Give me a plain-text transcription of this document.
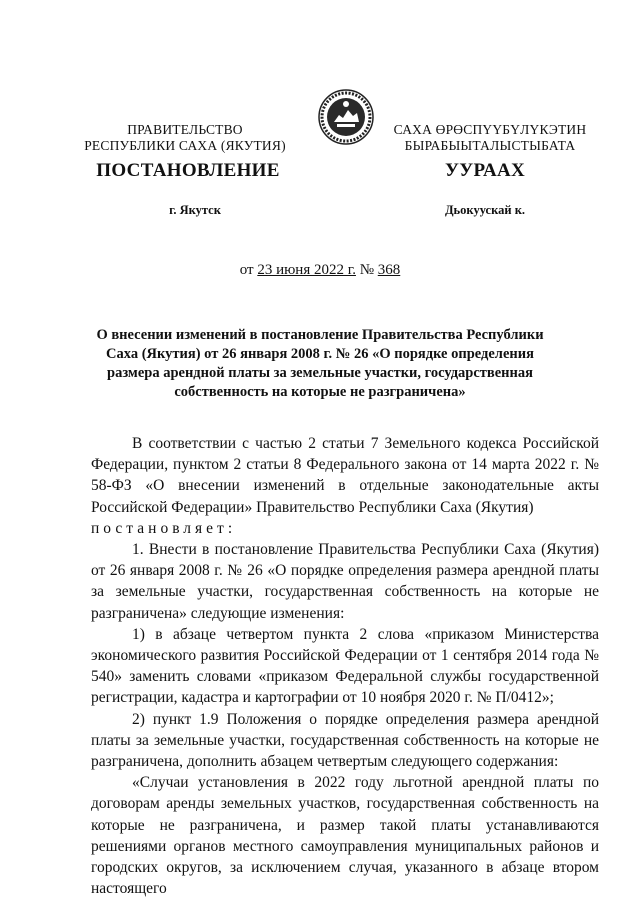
ПРАВИТЕЛЬСТВО
РЕСПУБЛИКИ САХА (ЯКУТИЯ)
САХА ӨРӨСПҮҮБҮЛҮКЭТИН
БЫРАБЫЫТАЛЫСТЫБАТА
ПОСТАНОВЛЕНИЕ	УУРААХ
г. Якутск	Дьокуускай к.
от 23 июня 2022 г. № 368
О внесении изменений в постановление Правительства Республики Саха (Якутия) от 26 января 2008 г. № 26 «О порядке определения размера арендной платы за земельные участки, государственная собственность на которые не разграничена»

В соответствии с частью 2 статьи 7 Земельного кодекса Российской Федерации, пунктом 2 статьи 8 Федерального закона от 14 марта 2022 г. № 58-ФЗ «О внесении изменений в отдельные законодательные акты Российской Федерации» Правительство Республики Саха (Якутия)

постановляет:

1. Внести в постановление Правительства Республики Саха (Якутия) от 26 января 2008 г. № 26 «О порядке определения размера арендной платы за земельные участки, государственная собственность на которые не разграничена» следующие изменения:

1) в абзаце четвертом пункта 2 слова «приказом Министерства экономического развития Российской Федерации от 1 сентября 2014 года № 540» заменить словами «приказом Федеральной службы государственной регистрации, кадастра и картографии от 10 ноября 2020 г. № П/0412»;

2) пункт 1.9 Положения о порядке определения размера арендной платы за земельные участки, государственная собственность на которые не разграничена, дополнить абзацем четвертым следующего содержания:

«Случаи установления в 2022 году льготной арендной платы по договорам аренды земельных участков, государственная собственность на которые не разграничена, и размер такой платы устанавливаются решениями органов местного самоуправления муниципальных районов и городских округов, за исключением случая, указанного в абзаце втором настоящего
